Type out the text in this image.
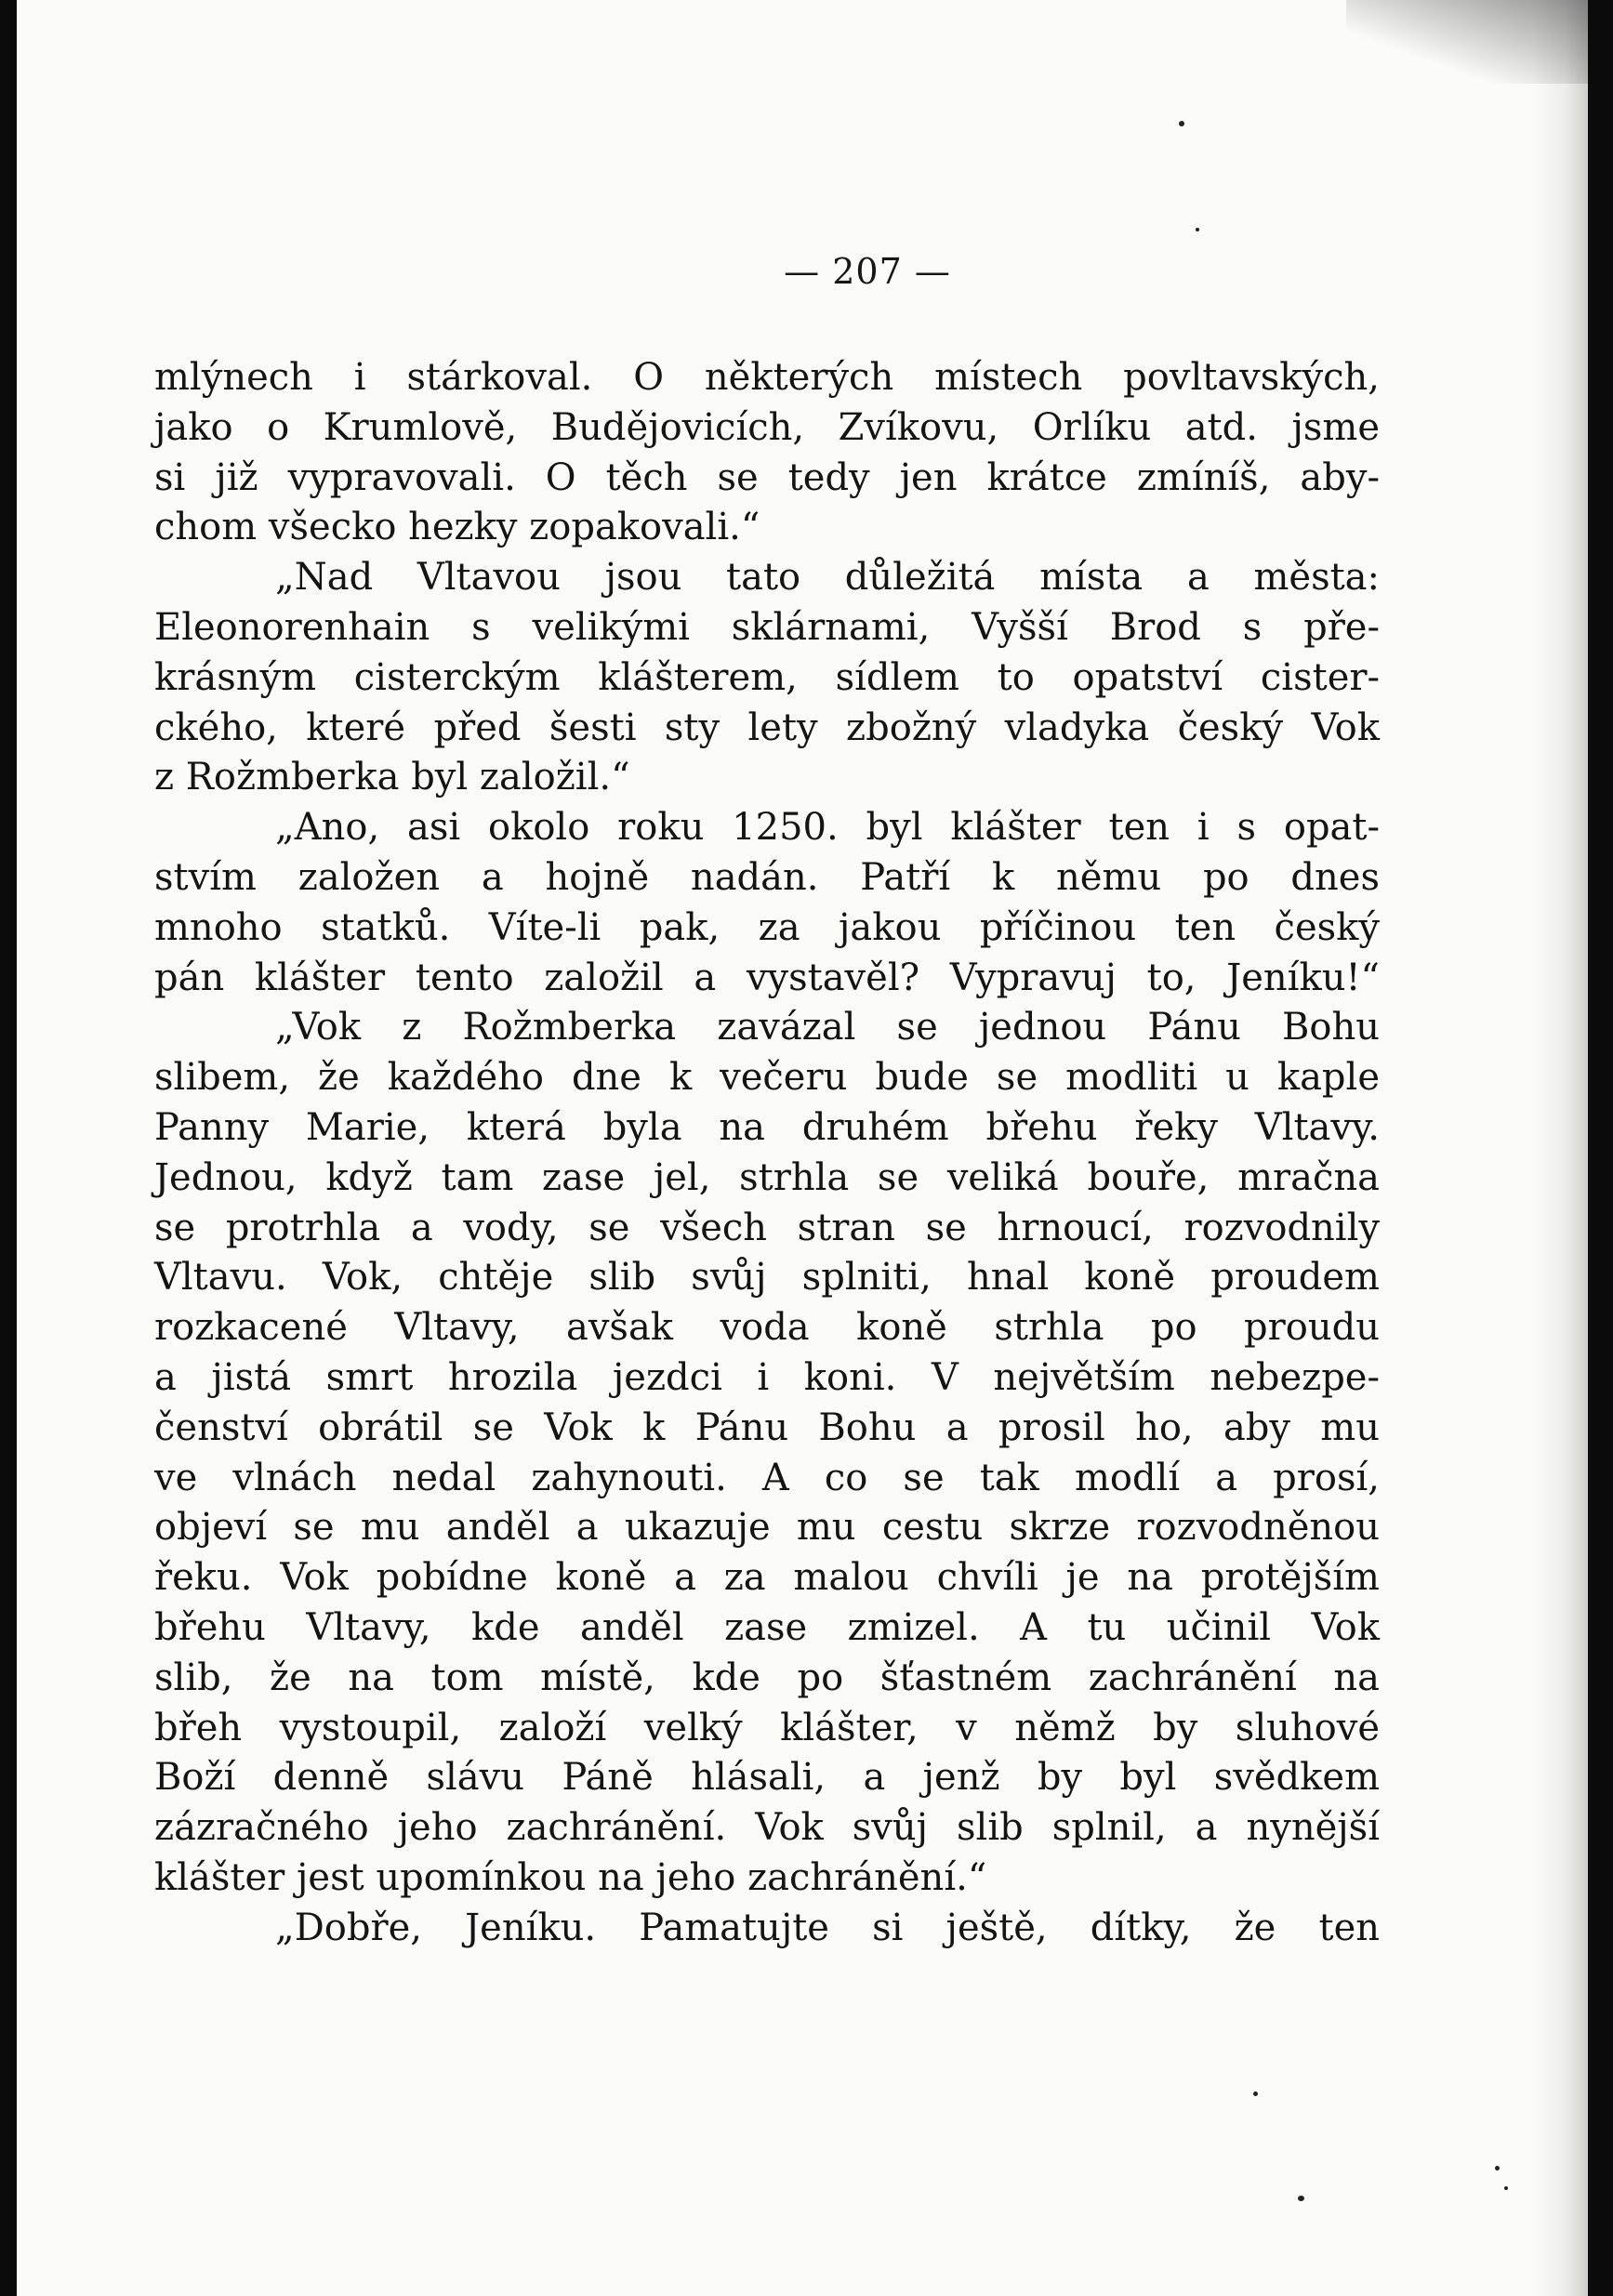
— 207 —
mlýnech i stárkoval. O některých místech povltavských,
jako o Krumlově, Budějovicích, Zvíkovu, Orlíku atd. jsme
si již vypravovali. O těch se tedy jen krátce zmíníš, aby-
chom všecko hezky zopakovali.“
„Nad Vltavou jsou tato důležitá místa a města:
Eleonorenhain s velikými sklárnami, Vyšší Brod s pře-
krásným cisterckým klášterem, sídlem to opatství cister-
ckého, které před šesti sty lety zbožný vladyka český Vok
z Rožmberka byl založil.“
„Ano, asi okolo roku 1250. byl klášter ten i s opat-
stvím založen a hojně nadán. Patří k němu po dnes
mnoho statků. Víte-li pak, za jakou příčinou ten český
pán klášter tento založil a vystavěl? Vypravuj to, Jeníku!“
„Vok z Rožmberka zavázal se jednou Pánu Bohu
slibem, že každého dne k večeru bude se modliti u kaple
Panny Marie, která byla na druhém břehu řeky Vltavy.
Jednou, když tam zase jel, strhla se veliká bouře, mračna
se protrhla a vody, se všech stran se hrnoucí, rozvodnily
Vltavu. Vok, chtěje slib svůj splniti, hnal koně proudem
rozkacené Vltavy, avšak voda koně strhla po proudu
a jistá smrt hrozila jezdci i koni. V největším nebezpe-
čenství obrátil se Vok k Pánu Bohu a prosil ho, aby mu
ve vlnách nedal zahynouti. A co se tak modlí a prosí,
objeví se mu anděl a ukazuje mu cestu skrze rozvodněnou
řeku. Vok pobídne koně a za malou chvíli je na protějším
břehu Vltavy, kde anděl zase zmizel. A tu učinil Vok
slib, že na tom místě, kde po šťastném zachránění na
břeh vystoupil, založí velký klášter, v němž by sluhové
Boží denně slávu Páně hlásali, a jenž by byl svědkem
zázračného jeho zachránění. Vok svůj slib splnil, a nynější
klášter jest upomínkou na jeho zachránění.“
„Dobře, Jeníku. Pamatujte si ještě, dítky, že ten
